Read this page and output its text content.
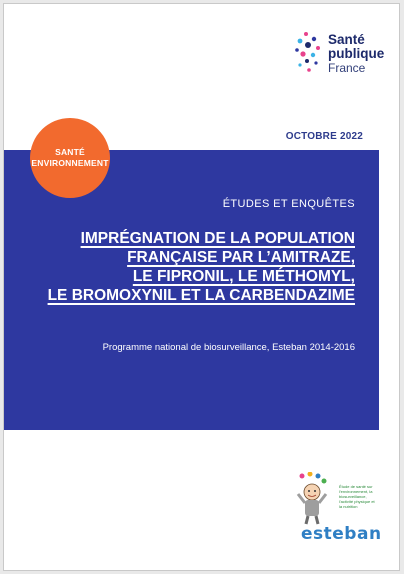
Santé
publique
France
OCTOBRE 2022
SANTÉ
ENVIRONNEMENT
ÉTUDES ET ENQUÊTES
IMPRÉGNATION DE LA POPULATION
FRANÇAISE PAR L’AMITRAZE,
LE FIPRONIL, LE MÉTHOMYL,
LE BROMOXYNIL ET LA CARBENDAZIME
Programme national de biosurveillance, Esteban 2014-2016
Étude de santé sur l'environnement, la biosurveillance, l'activité physique et la nutrition
esteban
